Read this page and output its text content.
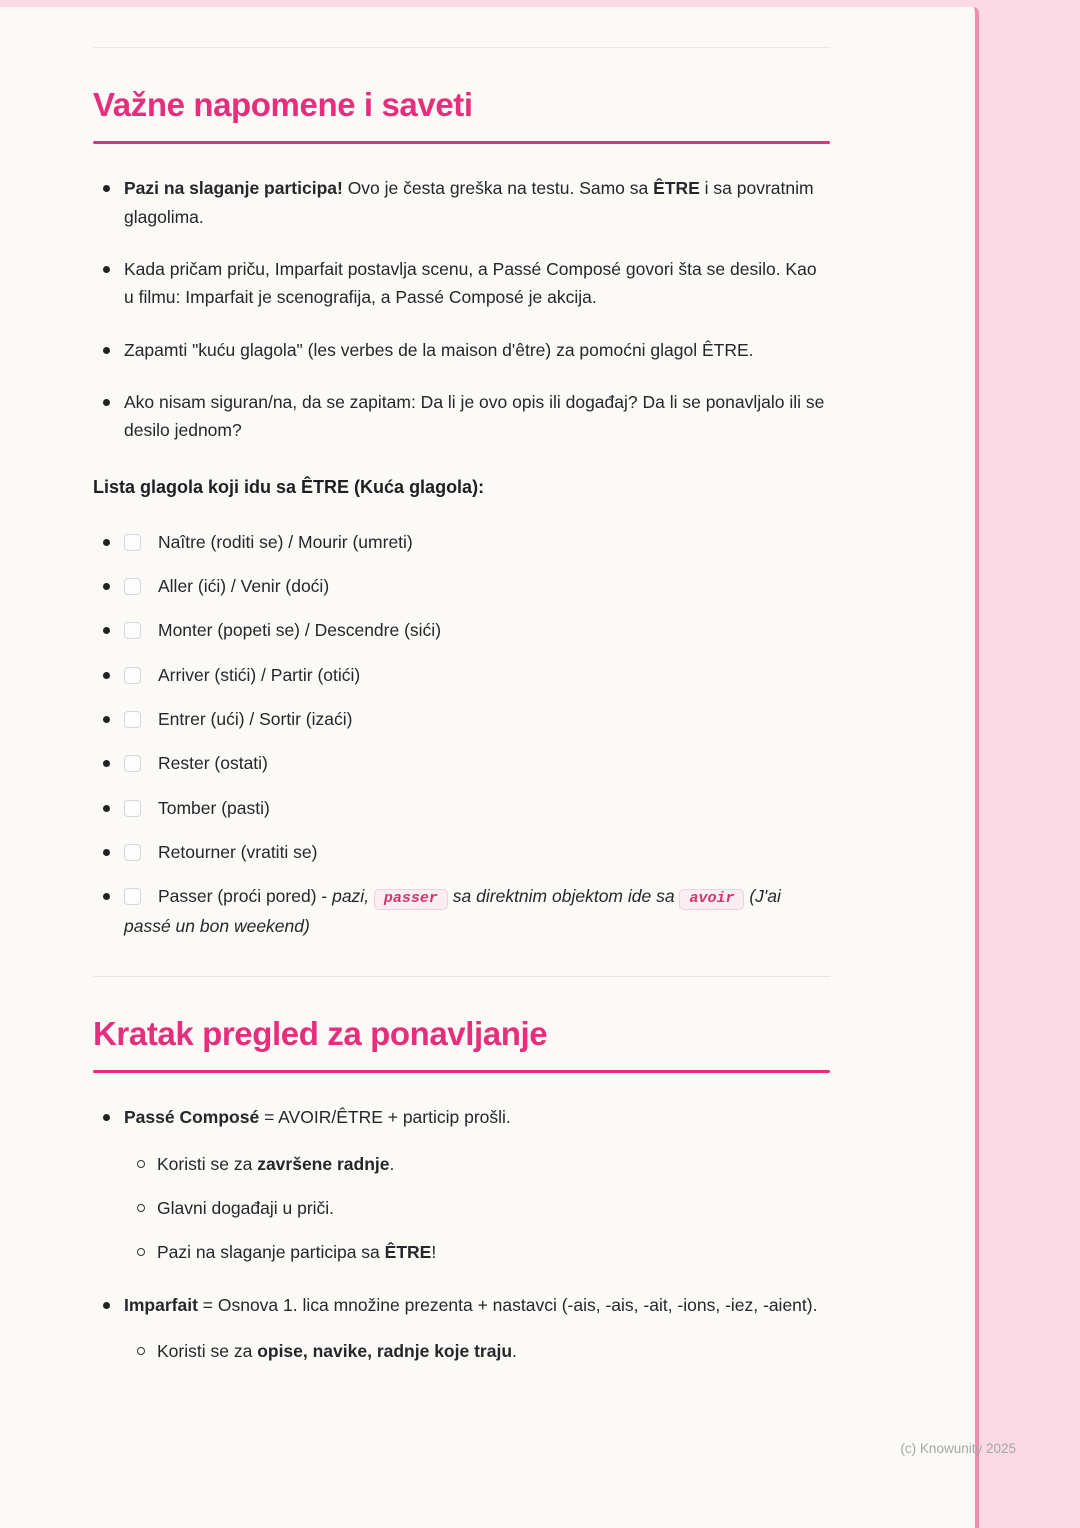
Važne napomene i saveti
Pazi na slaganje participa! Ovo je česta greška na testu. Samo sa ÊTRE i sa povratnim glagolima.
Kada pričam priču, Imparfait postavlja scenu, a Passé Composé govori šta se desilo. Kao u filmu: Imparfait je scenografija, a Passé Composé je akcija.
Zapamti "kuću glagola" (les verbes de la maison d'être) za pomoćni glagol ÊTRE.
Ako nisam siguran/na, da se zapitam: Da li je ovo opis ili događaj? Da li se ponavljalo ili se desilo jednom?

Lista glagola koji idu sa ÊTRE (Kuća glagola):

Naître (roditi se) / Mourir (umreti)
Aller (ići) / Venir (doći)
Monter (popeti se) / Descendre (sići)
Arriver (stići) / Partir (otići)
Entrer (ući) / Sortir (izaći)
Rester (ostati)
Tomber (pasti)
Retourner (vratiti se)
Passer (proći pored) - pazi, passer sa direktnim objektom ide sa avoir (J'ai passé un bon weekend)
Kratak pregled za ponavljanje
Passé Composé = AVOIR/ÊTRE + particip prošli.
Koristi se za završene radnje.
Glavni događaji u priči.
Pazi na slaganje participa sa ÊTRE!
Imparfait = Osnova 1. lica množine prezenta + nastavci (-ais, -ais, -ait, -ions, -iez, -aient).
Koristi se za opise, navike, radnje koje traju.
(c) Knowunity 2025
